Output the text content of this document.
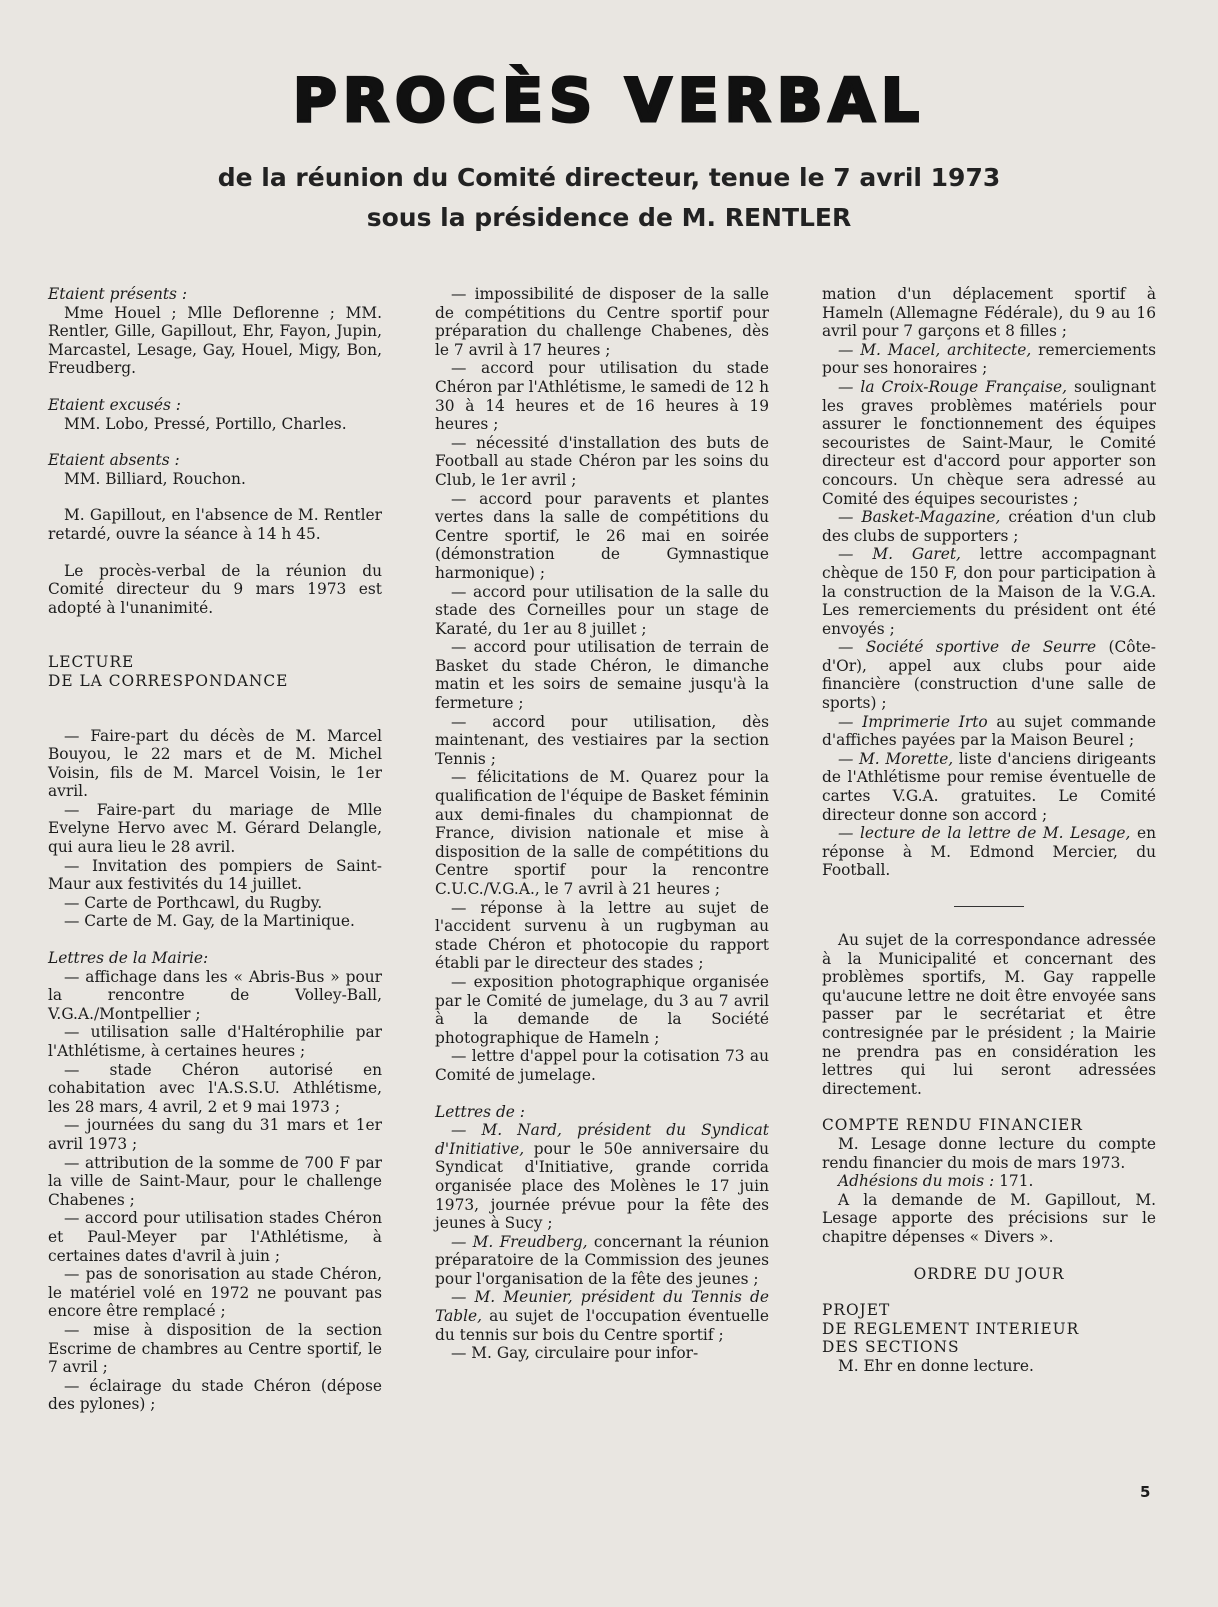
PROCÈS VERBAL
de la réunion du Comité directeur, tenue le 7 avril 1973
sous la présidence de M. RENTLER

Etaient présents :

Mme Houel ; Mlle Deflorenne ; MM. Rentler, Gille, Gapillout, Ehr, Fayon, Jupin, Marcastel, Lesage, Gay, Houel, Migy, Bon, Freudberg.

Etaient excusés :

MM. Lobo, Pressé, Portillo, Charles.

Etaient absents :

MM. Billiard, Rouchon.

M. Gapillout, en l'absence de M. Rentler retardé, ouvre la séance à 14 h 45.

Le procès-verbal de la réunion du Comité directeur du 9 mars 1973 est adopté à l'unanimité.

LECTURE

DE LA CORRESPONDANCE

— Faire-part du décès de M. Marcel Bouyou, le 22 mars et de M. Michel Voisin, fils de M. Marcel Voisin, le 1er avril.

— Faire-part du mariage de Mlle Evelyne Hervo avec M. Gérard Delangle, qui aura lieu le 28 avril.

— Invitation des pompiers de Saint-Maur aux festivités du 14 juillet.

— Carte de Porthcawl, du Rugby.

— Carte de M. Gay, de la Martinique.

Lettres de la Mairie:

— affichage dans les « Abris-Bus » pour la rencontre de Volley-Ball, V.G.A./Montpellier ;

— utilisation salle d'Haltérophilie par l'Athlétisme, à certaines heures ;

— stade Chéron autorisé en cohabitation avec l'A.S.S.U. Athlétisme, les 28 mars, 4 avril, 2 et 9 mai 1973 ;

— journées du sang du 31 mars et 1er avril 1973 ;

— attribution de la somme de 700 F par la ville de Saint-Maur, pour le challenge Chabenes ;

— accord pour utilisation stades Chéron et Paul-Meyer par l'Athlétisme, à certaines dates d'avril à juin ;

— pas de sonorisation au stade Chéron, le matériel volé en 1972 ne pouvant pas encore être remplacé ;

— mise à disposition de la section Escrime de chambres au Centre sportif, le 7 avril ;

— éclairage du stade Chéron (dépose des pylones) ;

— impossibilité de disposer de la salle de compétitions du Centre sportif pour préparation du challenge Chabenes, dès le 7 avril à 17 heures ;

— accord pour utilisation du stade Chéron par l'Athlétisme, le samedi de 12 h 30 à 14 heures et de 16 heures à 19 heures ;

— nécessité d'installation des buts de Football au stade Chéron par les soins du Club, le 1er avril ;

— accord pour paravents et plantes vertes dans la salle de compétitions du Centre sportif, le 26 mai en soirée (démonstration de Gymnastique harmonique) ;

— accord pour utilisation de la salle du stade des Corneilles pour un stage de Karaté, du 1er au 8 juillet ;

— accord pour utilisation de terrain de Basket du stade Chéron, le dimanche matin et les soirs de semaine jusqu'à la fermeture ;

— accord pour utilisation, dès maintenant, des vestiaires par la section Tennis ;

— félicitations de M. Quarez pour la qualification de l'équipe de Basket féminin aux demi-finales du championnat de France, division nationale et mise à disposition de la salle de compétitions du Centre sportif pour la rencontre C.U.C./V.G.A., le 7 avril à 21 heures ;

— réponse à la lettre au sujet de l'accident survenu à un rugbyman au stade Chéron et photocopie du rapport établi par le directeur des stades ;

— exposition photographique organisée par le Comité de jumelage, du 3 au 7 avril à la demande de la Société photographique de Hameln ;

— lettre d'appel pour la cotisation 73 au Comité de jumelage.

Lettres de :

— M. Nard, président du Syndicat d'Initiative, pour le 50e anniversaire du Syndicat d'Initiative, grande corrida organisée place des Molènes le 17 juin 1973, journée prévue pour la fête des jeunes à Sucy ;

— M. Freudberg, concernant la réunion préparatoire de la Commission des jeunes pour l'organisation de la fête des jeunes ;

— M. Meunier, président du Tennis de Table, au sujet de l'occupation éventuelle du tennis sur bois du Centre sportif ;

— M. Gay, circulaire pour infor-

mation d'un déplacement sportif à Hameln (Allemagne Fédérale), du 9 au 16 avril pour 7 garçons et 8 filles ;

— M. Macel, architecte, remerciements pour ses honoraires ;

— la Croix-Rouge Française, soulignant les graves problèmes matériels pour assurer le fonctionnement des équipes secouristes de Saint-Maur, le Comité directeur est d'accord pour apporter son concours. Un chèque sera adressé au Comité des équipes secouristes ;

— Basket-Magazine, création d'un club des clubs de supporters ;

— M. Garet, lettre accompagnant chèque de 150 F, don pour participation à la construction de la Maison de la V.G.A. Les remerciements du président ont été envoyés ;

— Société sportive de Seurre (Côte-d'Or), appel aux clubs pour aide financière (construction d'une salle de sports) ;

— Imprimerie Irto au sujet commande d'affiches payées par la Maison Beurel ;

— M. Morette, liste d'anciens dirigeants de l'Athlétisme pour remise éventuelle de cartes V.G.A. gratuites. Le Comité directeur donne son accord ;

— lecture de la lettre de M. Lesage, en réponse à M. Edmond Mercier, du Football.

Au sujet de la correspondance adressée à la Municipalité et concernant des problèmes sportifs, M. Gay rappelle qu'aucune lettre ne doit être envoyée sans passer par le secrétariat et être contresignée par le président ; la Mairie ne prendra pas en considération les lettres qui lui seront adressées directement.

COMPTE RENDU FINANCIER

M. Lesage donne lecture du compte rendu financier du mois de mars 1973.

Adhésions du mois : 171.

A la demande de M. Gapillout, M. Lesage apporte des précisions sur le chapitre dépenses « Divers ».

ORDRE DU JOUR

PROJET

DE REGLEMENT INTERIEUR

DES SECTIONS

M. Ehr en donne lecture.

5
